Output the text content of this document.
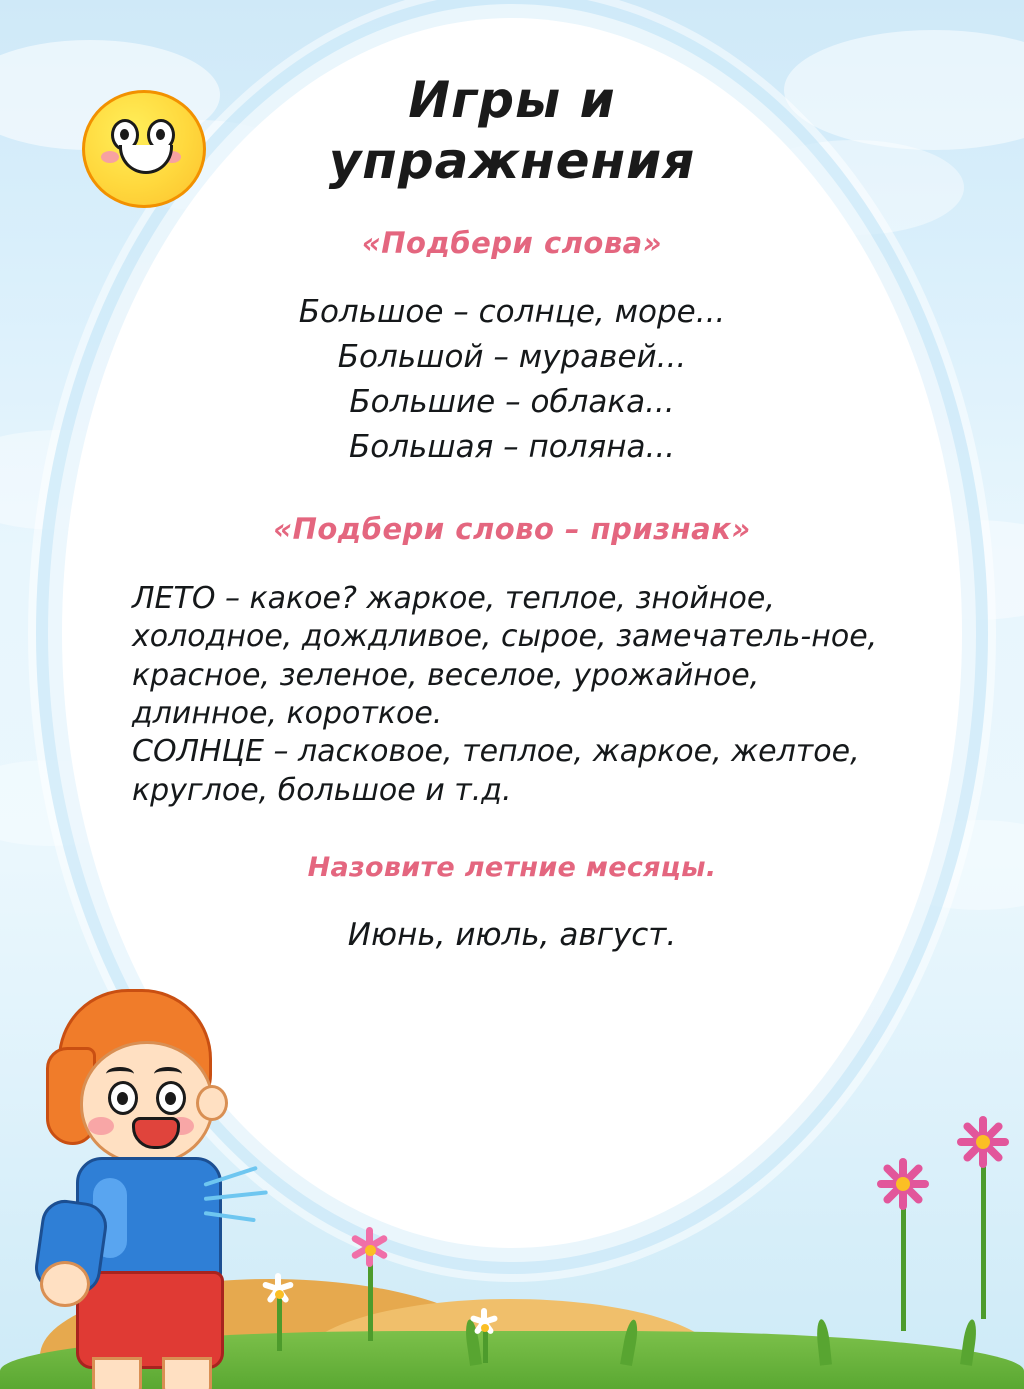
Игры и
упражнения
«Подбери слова»
Большое – солнце, море...
Большой – муравей...
Большие – облака...
Большая – поляна...
«Подбери слово – признак»

ЛЕТО – какое? жаркое, теплое, знойное, холодное, дождливое, сырое, замечатель-ное, красное, зеленое, веселое, урожайное, длинное, короткое.

СОЛНЦЕ – ласковое, теплое, жаркое, желтое, круглое, большое и т.д.

Назовите летние месяцы.
Июнь, июль, август.
